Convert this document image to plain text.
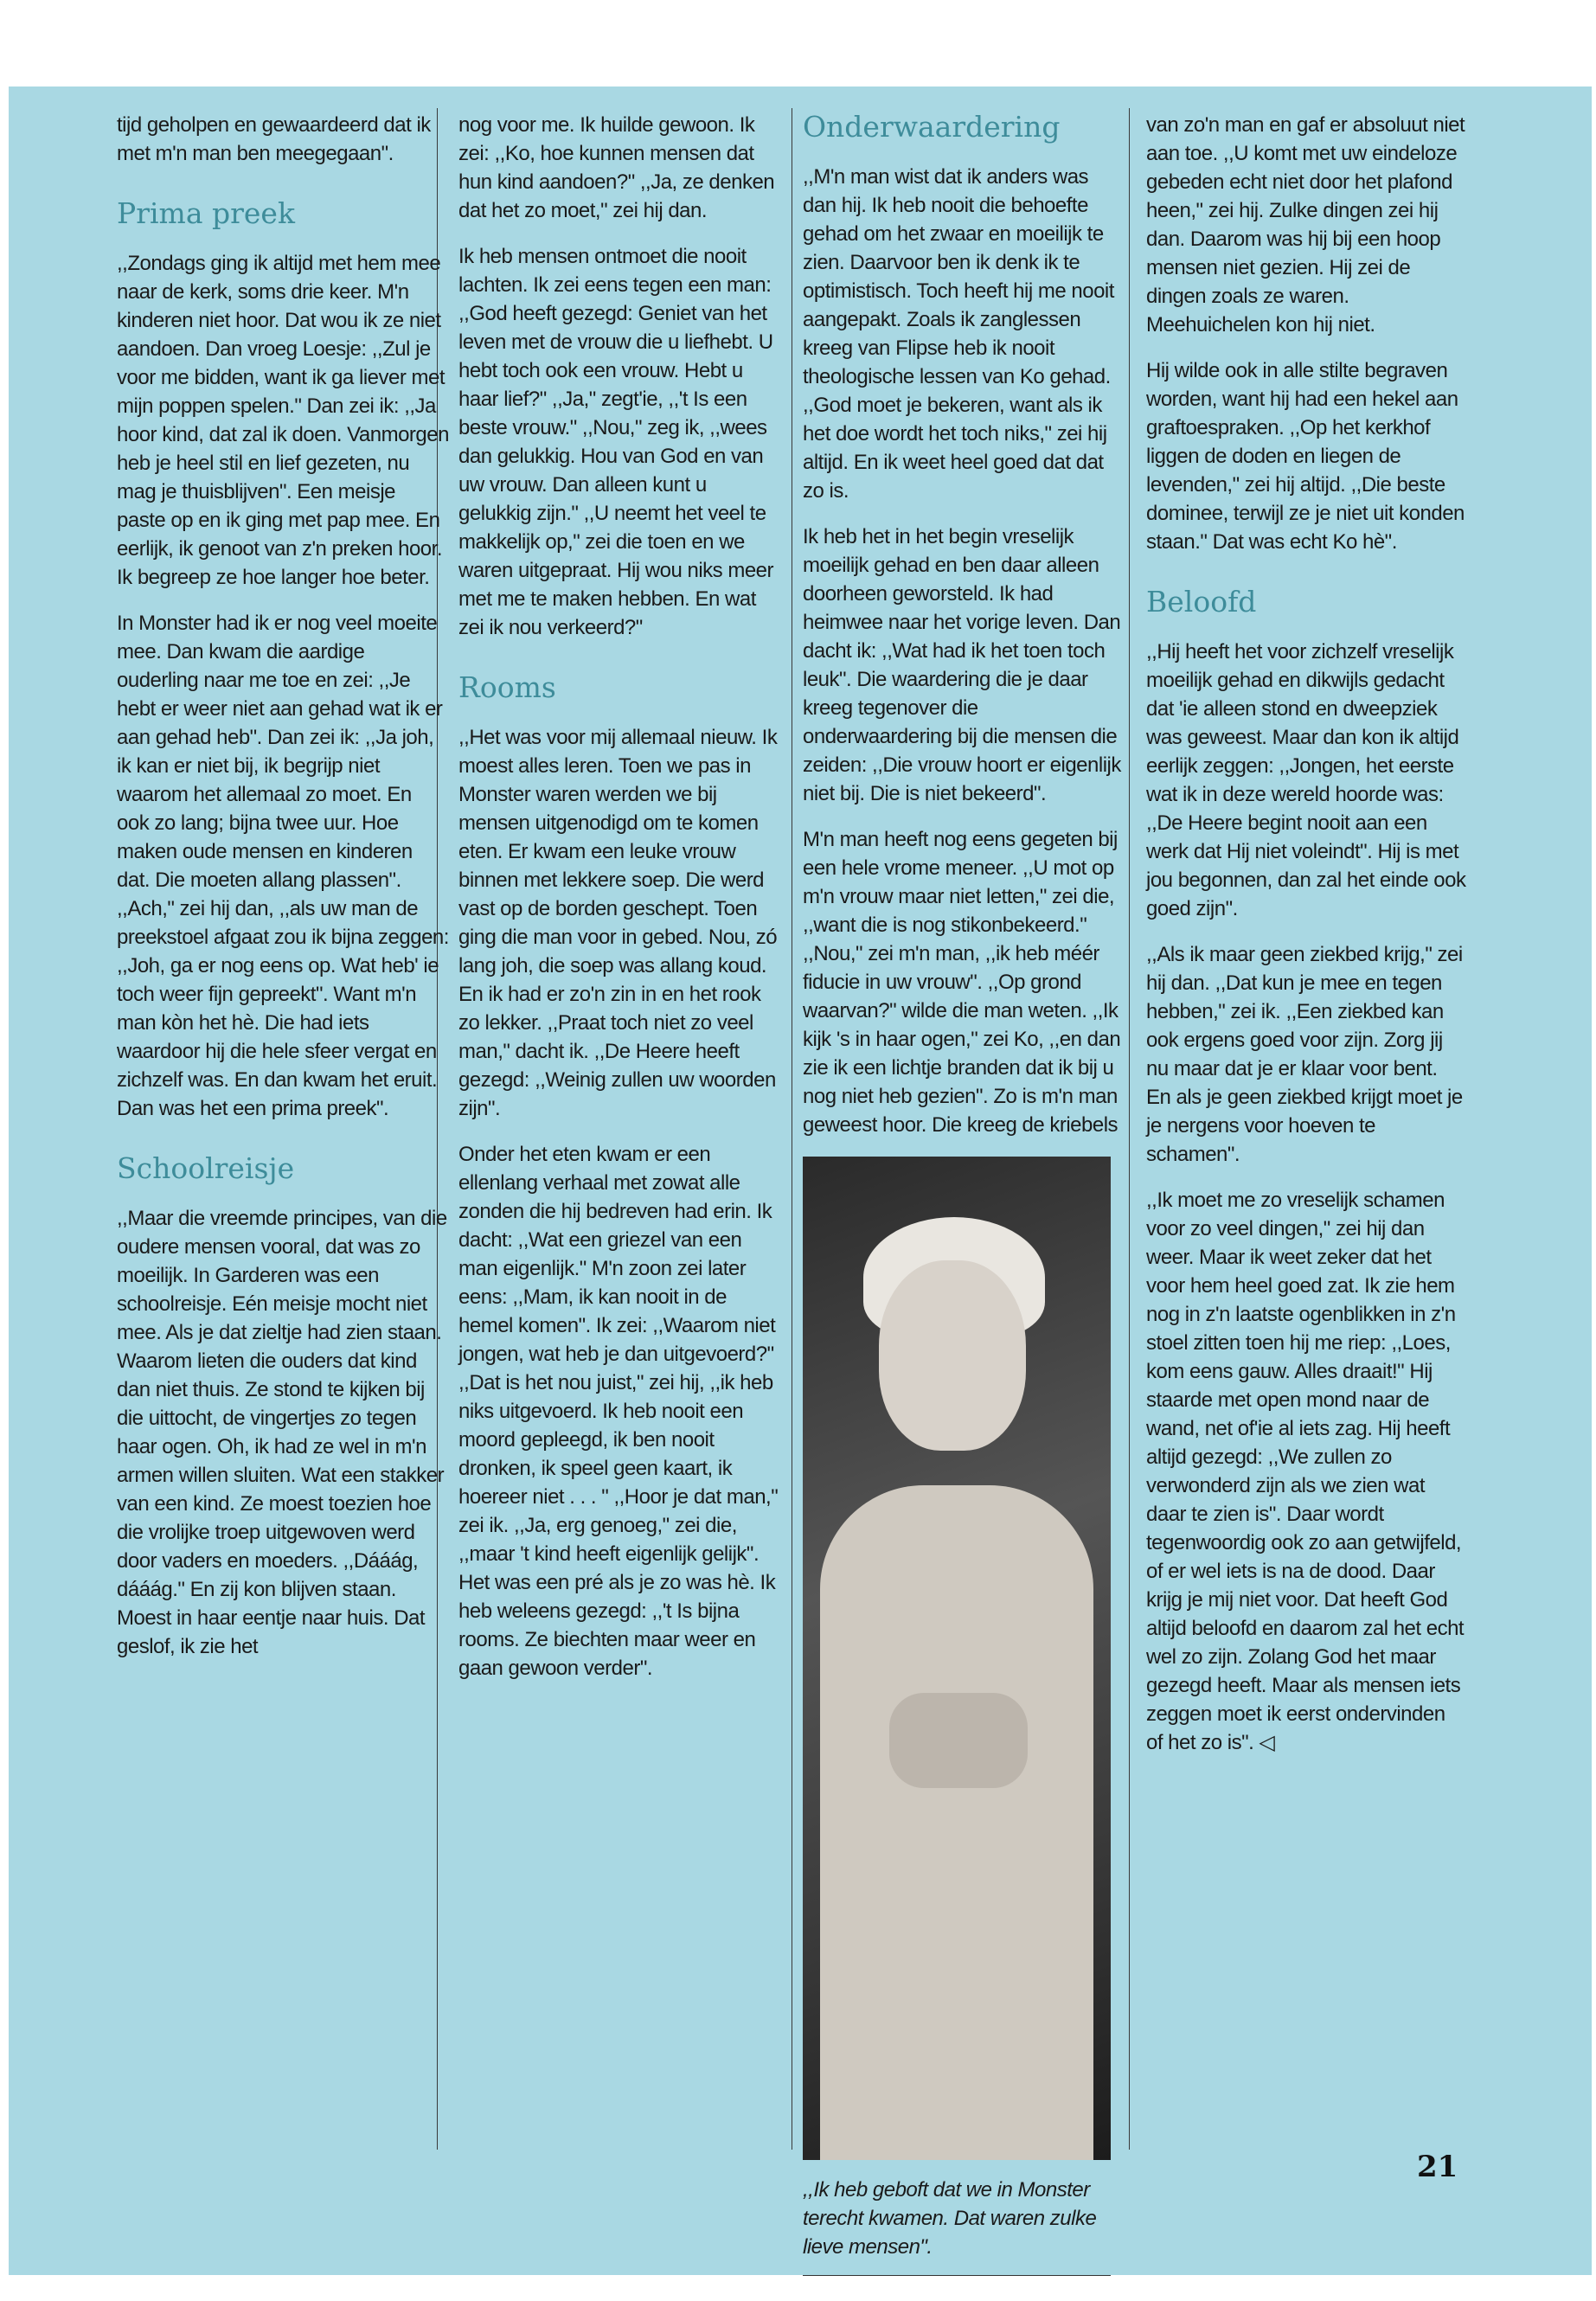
tijd geholpen en gewaardeerd dat ik met m'n man ben meegegaan".

Prima preek

,,Zondags ging ik altijd met hem mee naar de kerk, soms drie keer. M'n kinderen niet hoor. Dat wou ik ze niet aandoen. Dan vroeg Loesje: ,,Zul je voor me bidden, want ik ga liever met mijn poppen spelen." Dan zei ik: ,,Ja hoor kind, dat zal ik doen. Vanmorgen heb je heel stil en lief gezeten, nu mag je thuisblijven". Een meisje paste op en ik ging met pap mee. En eerlijk, ik genoot van z'n preken hoor. Ik begreep ze hoe langer hoe beter.

In Monster had ik er nog veel moeite mee. Dan kwam die aardige ouderling naar me toe en zei: ,,Je hebt er weer niet aan gehad wat ik er aan gehad heb". Dan zei ik: ,,Ja joh, ik kan er niet bij, ik begrijp niet waarom het allemaal zo moet. En ook zo lang; bijna twee uur. Hoe maken oude mensen en kinderen dat. Die moeten allang plassen". ,,Ach," zei hij dan, ,,als uw man de preekstoel afgaat zou ik bijna zeggen: ,,Joh, ga er nog eens op. Wat heb' ie toch weer fijn gepreekt". Want m'n man kòn het hè. Die had iets waardoor hij die hele sfeer vergat en zichzelf was. En dan kwam het eruit. Dan was het een prima preek".

Schoolreisje

,,Maar die vreemde principes, van die oudere mensen vooral, dat was zo moeilijk. In Garderen was een schoolreisje. Eén meisje mocht niet mee. Als je dat zieltje had zien staan. Waarom lieten die ouders dat kind dan niet thuis. Ze stond te kijken bij die uittocht, de vingertjes zo tegen haar ogen. Oh, ik had ze wel in m'n armen willen sluiten. Wat een stakker van een kind. Ze moest toezien hoe die vrolijke troep uitgewoven werd door vaders en moeders. ,,Dááág, dááág." En zij kon blijven staan. Moest in haar eentje naar huis. Dat geslof, ik zie het

nog voor me. Ik huilde gewoon. Ik zei: ,,Ko, hoe kunnen mensen dat hun kind aandoen?" ,,Ja, ze denken dat het zo moet," zei hij dan.

Ik heb mensen ontmoet die nooit lachten. Ik zei eens tegen een man: ,,God heeft gezegd: Geniet van het leven met de vrouw die u liefhebt. U hebt toch ook een vrouw. Hebt u haar lief?" ,,Ja," zegt'ie, ,,'t Is een beste vrouw." ,,Nou," zeg ik, ,,wees dan gelukkig. Hou van God en van uw vrouw. Dan alleen kunt u gelukkig zijn." ,,U neemt het veel te makkelijk op," zei die toen en we waren uitgepraat. Hij wou niks meer met me te maken hebben. En wat zei ik nou verkeerd?"

Rooms

,,Het was voor mij allemaal nieuw. Ik moest alles leren. Toen we pas in Monster waren werden we bij mensen uitgenodigd om te komen eten. Er kwam een leuke vrouw binnen met lekkere soep. Die werd vast op de borden geschept. Toen ging die man voor in gebed. Nou, zó lang joh, die soep was allang koud. En ik had er zo'n zin in en het rook zo lekker. ,,Praat toch niet zo veel man," dacht ik. ,,De Heere heeft gezegd: ,,Weinig zullen uw woorden zijn".

Onder het eten kwam er een ellenlang verhaal met zowat alle zonden die hij bedreven had erin. Ik dacht: ,,Wat een griezel van een man eigenlijk." M'n zoon zei later eens: ,,Mam, ik kan nooit in de hemel komen". Ik zei: ,,Waarom niet jongen, wat heb je dan uitgevoerd?" ,,Dat is het nou juist," zei hij, ,,ik heb niks uitgevoerd. Ik heb nooit een moord gepleegd, ik ben nooit dronken, ik speel geen kaart, ik hoereer niet . . . " ,,Hoor je dat man," zei ik. ,,Ja, erg genoeg," zei die, ,,maar 't kind heeft eigenlijk gelijk". Het was een pré als je zo was hè. Ik heb weleens gezegd: ,,'t Is bijna rooms. Ze biechten maar weer en gaan gewoon verder".

Onderwaardering

,,M'n man wist dat ik anders was dan hij. Ik heb nooit die behoefte gehad om het zwaar en moeilijk te zien. Daarvoor ben ik denk ik te optimistisch. Toch heeft hij me nooit aangepakt. Zoals ik zanglessen kreeg van Flipse heb ik nooit theologische lessen van Ko gehad. ,,God moet je bekeren, want als ik het doe wordt het toch niks," zei hij altijd. En ik weet heel goed dat dat zo is.

Ik heb het in het begin vreselijk moeilijk gehad en ben daar alleen doorheen geworsteld. Ik had heimwee naar het vorige leven. Dan dacht ik: ,,Wat had ik het toen toch leuk". Die waardering die je daar kreeg tegenover die onderwaardering bij die mensen die zeiden: ,,Die vrouw hoort er eigenlijk niet bij. Die is niet bekeerd".

M'n man heeft nog eens gegeten bij een hele vrome meneer. ,,U mot op m'n vrouw maar niet letten," zei die, ,,want die is nog stikonbekeerd." ,,Nou," zei m'n man, ,,ik heb méér fiducie in uw vrouw". ,,Op grond waarvan?" wilde die man weten. ,,Ik kijk 's in haar ogen," zei Ko, ,,en dan zie ik een lichtje branden dat ik bij u nog niet heb gezien". Zo is m'n man geweest hoor. Die kreeg de kriebels

,,Ik heb geboft dat we in Monster terecht kwamen. Dat waren zulke lieve mensen".

van zo'n man en gaf er absoluut niet aan toe. ,,U komt met uw eindeloze gebeden echt niet door het plafond heen," zei hij. Zulke dingen zei hij dan. Daarom was hij bij een hoop mensen niet gezien. Hij zei de dingen zoals ze waren. Meehuichelen kon hij niet.

Hij wilde ook in alle stilte begraven worden, want hij had een hekel aan graftoespraken. ,,Op het kerkhof liggen de doden en liegen de levenden," zei hij altijd. ,,Die beste dominee, terwijl ze je niet uit konden staan." Dat was echt Ko hè".

Beloofd

,,Hij heeft het voor zichzelf vreselijk moeilijk gehad en dikwijls gedacht dat 'ie alleen stond en dweepziek was geweest. Maar dan kon ik altijd eerlijk zeggen: ,,Jongen, het eerste wat ik in deze wereld hoorde was: ,,De Heere begint nooit aan een werk dat Hij niet voleindt". Hij is met jou begonnen, dan zal het einde ook goed zijn".

,,Als ik maar geen ziekbed krijg," zei hij dan. ,,Dat kun je mee en tegen hebben," zei ik. ,,Een ziekbed kan ook ergens goed voor zijn. Zorg jij nu maar dat je er klaar voor bent. En als je geen ziekbed krijgt moet je je nergens voor hoeven te schamen".

,,Ik moet me zo vreselijk schamen voor zo veel dingen," zei hij dan weer. Maar ik weet zeker dat het voor hem heel goed zat. Ik zie hem nog in z'n laatste ogenblikken in z'n stoel zitten toen hij me riep: ,,Loes, kom eens gauw. Alles draait!" Hij staarde met open mond naar de wand, net of'ie al iets zag. Hij heeft altijd gezegd: ,,We zullen zo verwonderd zijn als we zien wat daar te zien is". Daar wordt tegenwoordig ook zo aan getwijfeld, of er wel iets is na de dood. Daar krijg je mij niet voor. Dat heeft God altijd beloofd en daarom zal het echt wel zo zijn. Zolang God het maar gezegd heeft. Maar als mensen iets zeggen moet ik eerst ondervinden of het zo is". ◁

21
